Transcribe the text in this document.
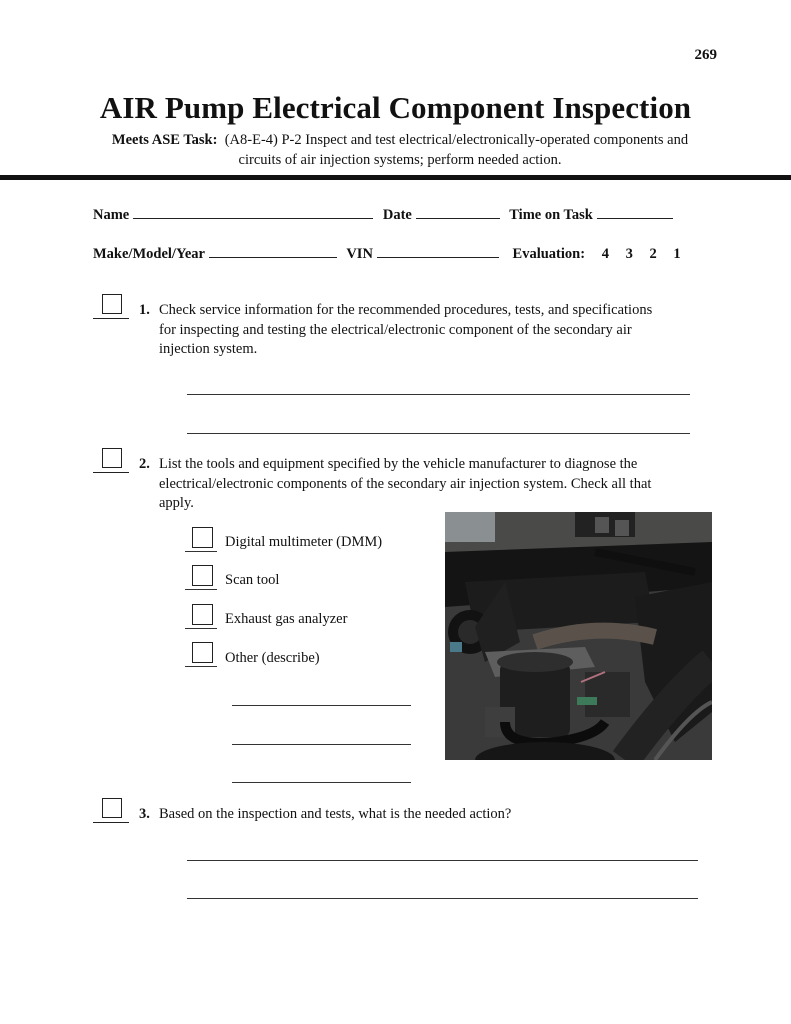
269
AIR Pump Electrical Component Inspection
Meets ASE Task: (A8-E-4) P-2 Inspect and test electrical/electronically-operated components and
circuits of air injection systems; perform needed action.
Name	Date	Time on Task
Make/Model/Year	VIN	Evaluation: 4 3 2 1
1. Check service information for the recommended procedures, tests, and specifications
for inspecting and testing the electrical/electronic component of the secondary air
injection system.
2. List the tools and equipment specified by the vehicle manufacturer to diagnose the
electrical/electronic components of the secondary air injection system. Check all that
apply.
Digital multimeter (DMM)
Scan tool
Exhaust gas analyzer
Other (describe)
3. Based on the inspection and tests, what is the needed action?
